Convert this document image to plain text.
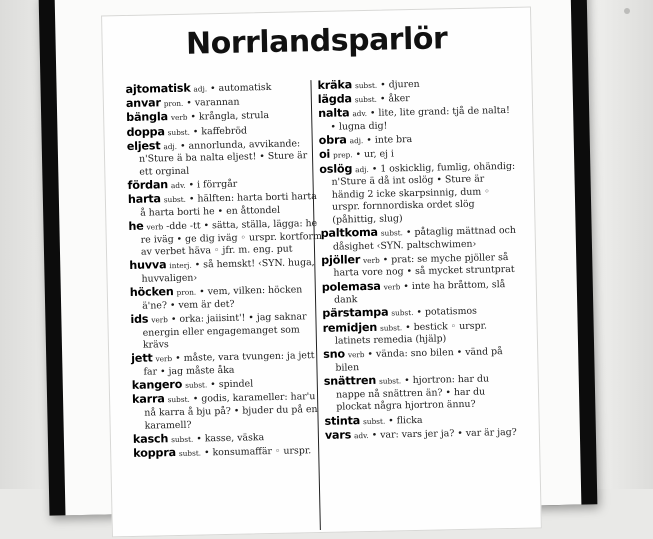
Norrlandsparlör
ajtomatisk adj. • automatisk
anvar pron. • varannan
bängla verb • krångla, strula
doppa subst. • kaffebröd
eljest adj. • annorlunda, avvikande: n'Sture ä ba nalta eljest! • Sture är ett orginal
fördan adv. • i förrgår
harta subst. • hälften: harta borti harta å harta borti he • en åttondel
he verb -dde -tt • sätta, ställa, lägga: he re iväg • ge dig iväg ◦ urspr. kortform av verbet häva ◦ jfr. m. eng. put
huvva interj. • så hemskt! ‹SYN. huga, huvvaligen›
höcken pron. • vem, vilken: höcken ä'ne? • vem är det?
ids verb • orka: jaiisint'! • jag saknar energin eller engagemanget som krävs
jett verb • måste, vara tvungen: ja jett far • jag måste åka
kangero subst. • spindel
karra subst. • godis, karameller: har'u nå karra å bju på? • bjuder du på en karamell?
kasch subst. • kasse, väska
koppra subst. • konsumaffär ◦ urspr.
kräka subst. • djuren
lägda subst. • åker
nalta adv. • lite, lite grand: tjå de nalta! • lugna dig!
obra adj. • inte bra
oi prep. • ur, ej i
oslög adj. • 1 oskicklig, fumlig, ohändig: n'Sture ä då int oslög • Sture är händig 2 icke skarpsinnig, dum ◦ urspr. fornnordiska ordet slög (påhittig, slug)
paltkoma subst. • påtaglig mättnad och dåsighet ‹SYN. paltschwimen›
pjöller verb • prat: se myche pjöller så harta vore nog • så mycket struntprat
polemasa verb • inte ha bråttom, slå dank
pärstampa subst. • potatismos
remidjen subst. • bestick ◦ urspr. latinets remedia (hjälp)
sno verb • vända: sno bilen • vänd på bilen
snättren subst. • hjortron: har du nappe nå snättren än? • har du plockat några hjortron ännu?
stinta subst. • flicka
vars adv. • var: vars jer ja? • var är jag?
